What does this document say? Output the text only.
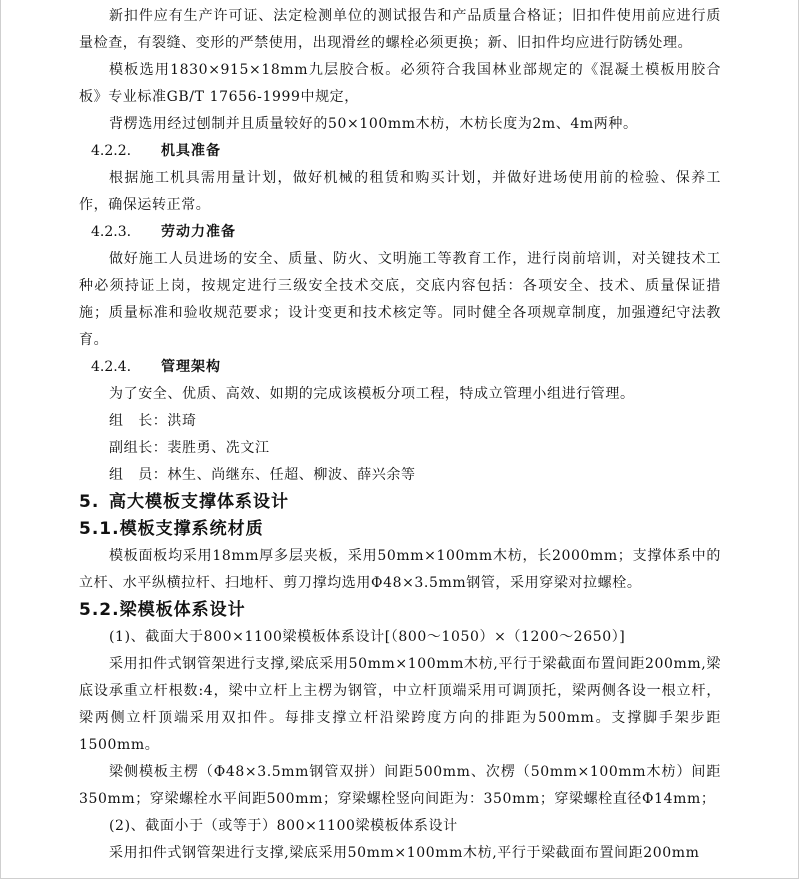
新扣件应有生产许可证、法定检测单位的测试报告和产品质量合格证；旧扣件使用前应进行质量检查，有裂缝、变形的严禁使用，出现滑丝的螺栓必须更换；新、旧扣件均应进行防锈处理。

模板选用1830×915×18mm九层胶合板。必须符合我国林业部规定的《混凝土模板用胶合板》专业标准GB/T 17656-1999中规定，

背楞选用经过刨制并且质量较好的50×100mm木枋，木枋长度为2m、4m两种。

4.2.2. 机具准备

根据施工机具需用量计划，做好机械的租赁和购买计划，并做好进场使用前的检验、保养工作，确保运转正常。

4.2.3. 劳动力准备

做好施工人员进场的安全、质量、防火、文明施工等教育工作，进行岗前培训，对关键技术工种必须持证上岗，按规定进行三级安全技术交底，交底内容包括：各项安全、技术、质量保证措施；质量标准和验收规范要求；设计变更和技术核定等。同时健全各项规章制度，加强遵纪守法教育。

4.2.4. 管理架构

为了安全、优质、高效、如期的完成该模板分项工程，特成立管理小组进行管理。

组　长：洪琦

副组长：裴胜勇、冼文江

组　员：林生、尚继东、任超、柳波、薛兴余等

5. 高大模板支撑体系设计
5.1.模板支撑系统材质

模板面板均采用18mm厚多层夹板，采用50mm×100mm木枋，长2000mm；支撑体系中的立杆、水平纵横拉杆、扫地杆、剪刀撑均选用Φ48×3.5mm钢管，采用穿梁对拉螺栓。

5.2.梁模板体系设计

(1)、截面大于800×1100梁模板体系设计[（800～1050）×（1200～2650）]

采用扣件式钢管架进行支撑,梁底采用50mm×100mm木枋,平行于梁截面布置间距200mm,梁底设承重立杆根数:4，梁中立杆上主楞为钢管，中立杆顶端采用可调顶托，梁两侧各设一根立杆，梁两侧立杆顶端采用双扣件。每排支撑立杆沿梁跨度方向的排距为500mm。支撑脚手架步距1500mm。

梁侧模板主楞（Φ48×3.5mm钢管双拼）间距500mm、次楞（50mm×100mm木枋）间距350mm；穿梁螺栓水平间距500mm；穿梁螺栓竖向间距为：350mm；穿梁螺栓直径Φ14mm；

(2)、截面小于（或等于）800×1100梁模板体系设计

采用扣件式钢管架进行支撑,梁底采用50mm×100mm木枋,平行于梁截面布置间距200mm
